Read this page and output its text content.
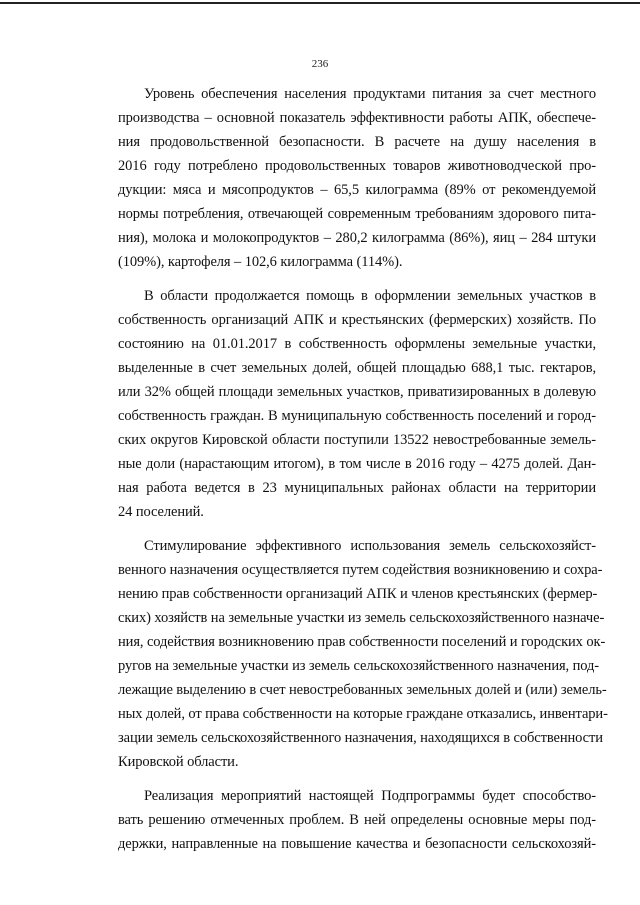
236
Уровень обеспечения населения продуктами питания за счет местного
производства – основной показатель эффективности работы АПК, обеспече-
ния продовольственной безопасности. В расчете на душу населения в
2016 году потреблено продовольственных товаров животноводческой про-
дукции: мяса и мясопродуктов – 65,5 килограмма (89% от рекомендуемой
нормы потребления, отвечающей современным требованиям здорового пита-
ния), молока и молокопродуктов – 280,2 килограмма (86%), яиц – 284 штуки
(109%), картофеля – 102,6 килограмма (114%).
В области продолжается помощь в оформлении земельных участков в
собственность организаций АПК и крестьянских (фермерских) хозяйств. По
состоянию на 01.01.2017 в собственность оформлены земельные участки,
выделенные в счет земельных долей, общей площадью 688,1 тыс. гектаров,
или 32% общей площади земельных участков, приватизированных в долевую
собственность граждан. В муниципальную собственность поселений и город-
ских округов Кировской области поступили 13522 невостребованные земель-
ные доли (нарастающим итогом), в том числе в 2016 году – 4275 долей. Дан-
ная работа ведется в 23 муниципальных районах области на территории
24 поселений.
Стимулирование эффективного использования земель сельскохозяйст-
венного назначения осуществляется путем содействия возникновению и сохра-
нению прав собственности организаций АПК и членов крестьянских (фермер-
ских) хозяйств на земельные участки из земель сельскохозяйственного назначе-
ния, содействия возникновению прав собственности поселений и городских ок-
ругов на земельные участки из земель сельскохозяйственного назначения, под-
лежащие выделению в счет невостребованных земельных долей и (или) земель-
ных долей, от права собственности на которые граждане отказались, инвентари-
зации земель сельскохозяйственного назначения, находящихся в собственности
Кировской области.
Реализация мероприятий настоящей Подпрограммы будет способство-
вать решению отмеченных проблем. В ней определены основные меры под-
держки, направленные на повышение качества и безопасности сельскохозяй-
